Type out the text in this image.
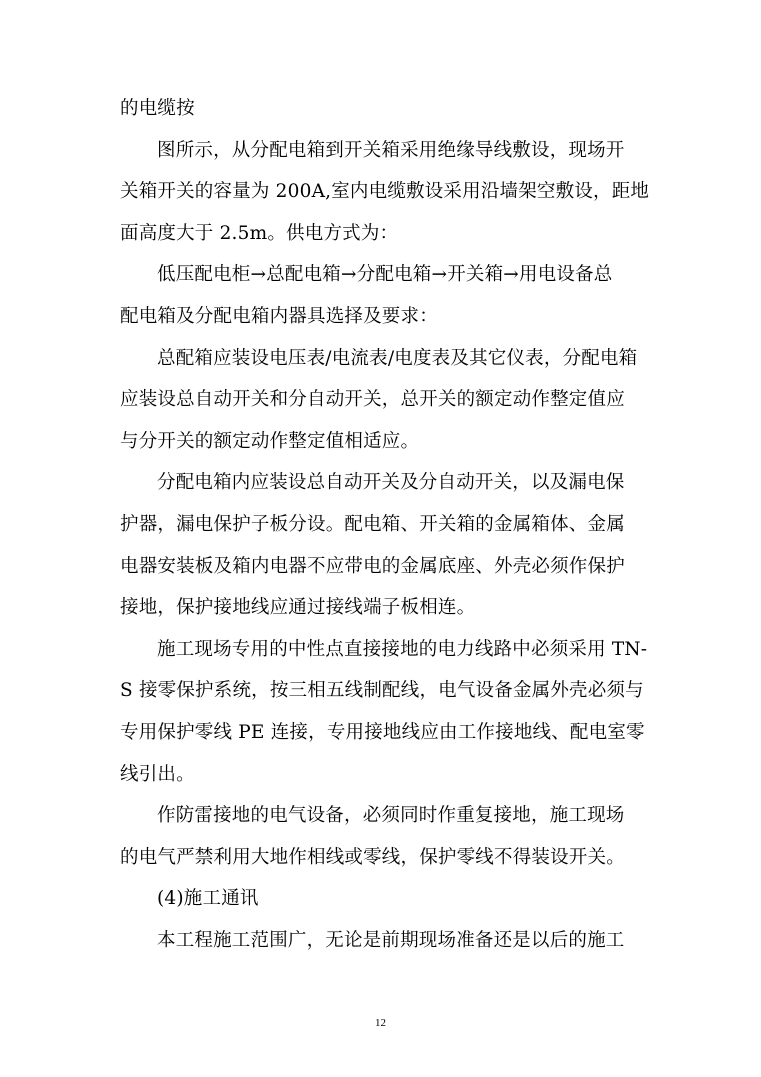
的电缆按
图所示，从分配电箱到开关箱采用绝缘导线敷设，现场开
关箱开关的容量为 200A,室内电缆敷设采用沿墙架空敷设，距地
面高度大于 2.5m。供电方式为：
低压配电柜→总配电箱→分配电箱→开关箱→用电设备总
配电箱及分配电箱内器具选择及要求：
总配箱应装设电压表/电流表/电度表及其它仪表，分配电箱
应装设总自动开关和分自动开关，总开关的额定动作整定值应
与分开关的额定动作整定值相适应。
分配电箱内应装设总自动开关及分自动开关，以及漏电保
护器，漏电保护子板分设。配电箱、开关箱的金属箱体、金属
电器安装板及箱内电器不应带电的金属底座、外壳必须作保护
接地，保护接地线应通过接线端子板相连。
施工现场专用的中性点直接接地的电力线路中必须采用 TN-
S 接零保护系统，按三相五线制配线，电气设备金属外壳必须与
专用保护零线 PE 连接，专用接地线应由工作接地线、配电室零
线引出。
作防雷接地的电气设备，必须同时作重复接地，施工现场
的电气严禁利用大地作相线或零线，保护零线不得装设开关。
(4)施工通讯
本工程施工范围广，无论是前期现场准备还是以后的施工
12
